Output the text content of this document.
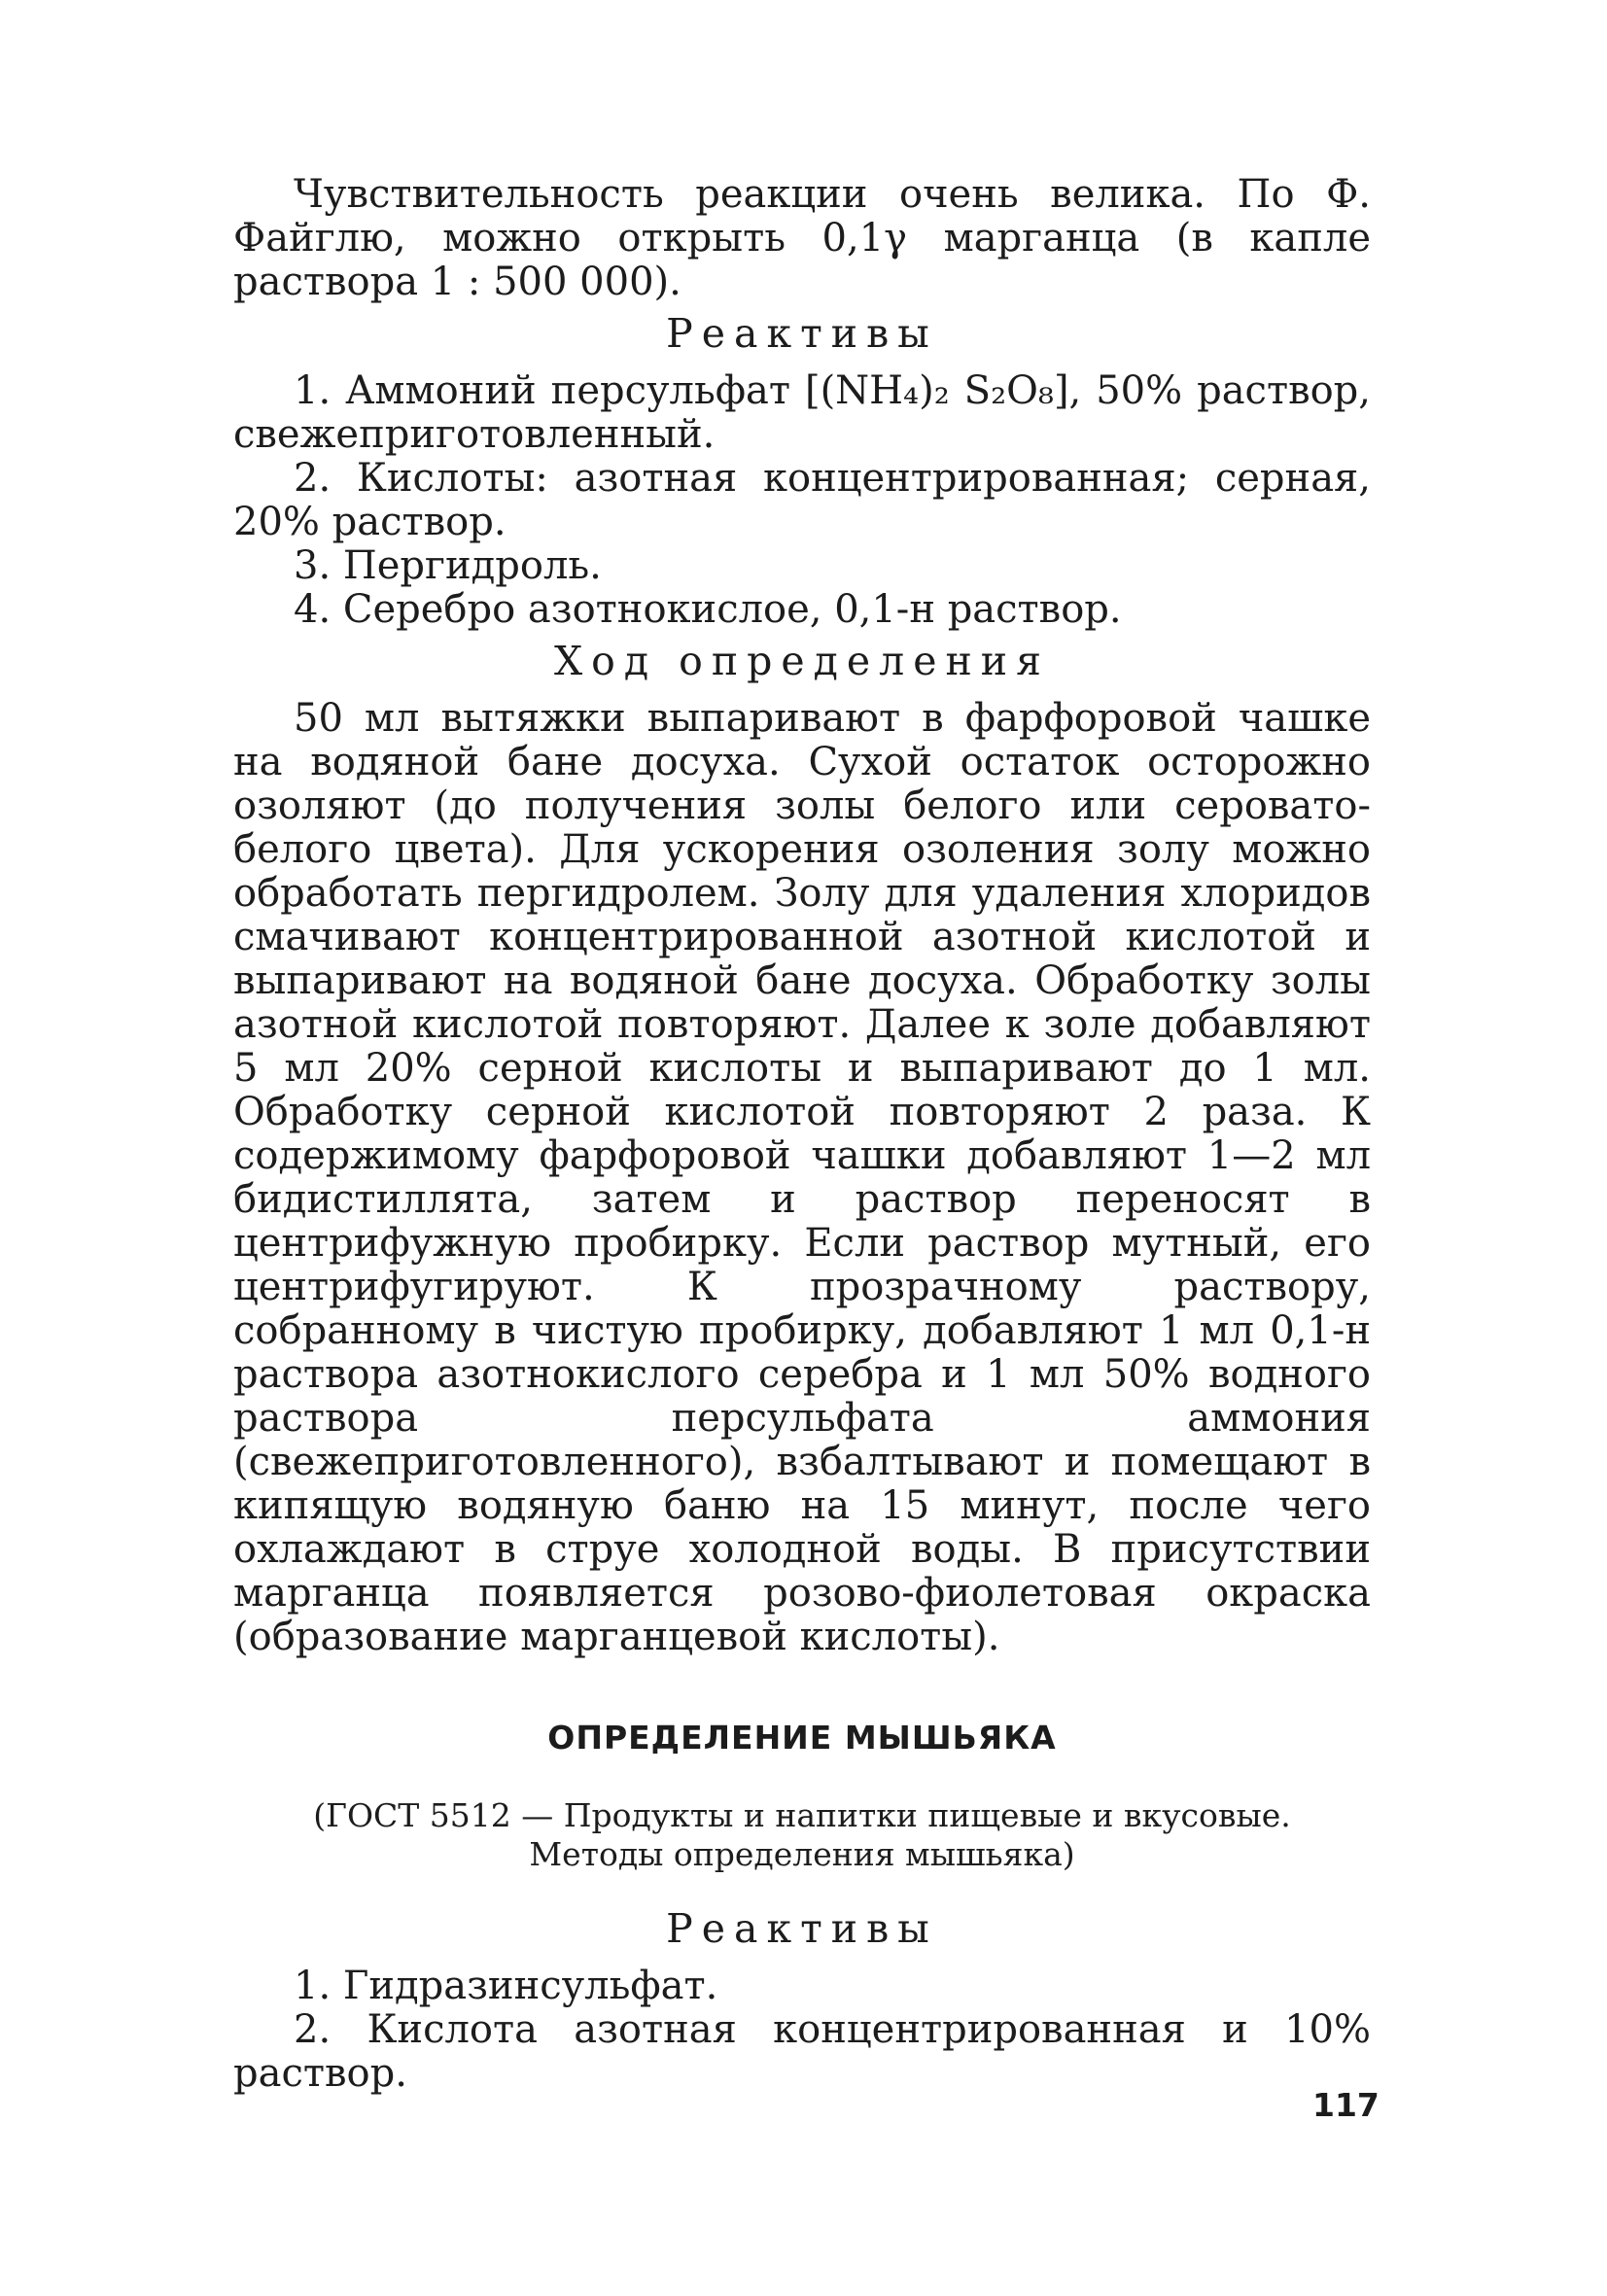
Чувствительность реакции очень велика. По Ф. Файглю, можно открыть 0,1γ марганца (в капле раствора 1 : 500 000).

Реактивы

1. Аммоний персульфат [(NH₄)₂ S₂O₈], 50% раствор, свежеприготовленный.

2. Кислоты: азотная концентрированная; серная, 20% раствор.

3. Пергидроль.

4. Серебро азотнокислое, 0,1-н раствор.

Ход определения

50 мл вытяжки выпаривают в фарфоровой чашке на водяной бане досуха. Сухой остаток осторожно озоляют (до получения золы белого или серовато-белого цвета). Для ускорения озоления золу можно обработать пергидролем. Золу для удаления хлоридов смачивают концентрированной азотной кислотой и выпаривают на водяной бане досуха. Обработку золы азотной кислотой повторяют. Далее к золе добавляют 5 мл 20% серной кислоты и выпаривают до 1 мл. Обработку серной кислотой повторяют 2 раза. К содержимому фарфоровой чашки добавляют 1—2 мл бидистиллята, затем и раствор переносят в центрифужную пробирку. Если раствор мутный, его центрифугируют. К прозрачному раствору, собранному в чистую пробирку, добавляют 1 мл 0,1-н раствора азотнокислого серебра и 1 мл 50% водного раствора персульфата аммония (свежеприготовленного), взбалтывают и помещают в кипящую водяную баню на 15 минут, после чего охлаждают в струе холодной воды. В присутствии марганца появляется розово-фиолетовая окраска (образование марганцевой кислоты).

ОПРЕДЕЛЕНИЕ МЫШЬЯКА
(ГОСТ 5512 — Продукты и напитки пищевые и вкусовые.
Методы определения мышьяка)
Реактивы

1. Гидразинсульфат.

2. Кислота азотная концентрированная и 10% раствор.

117
